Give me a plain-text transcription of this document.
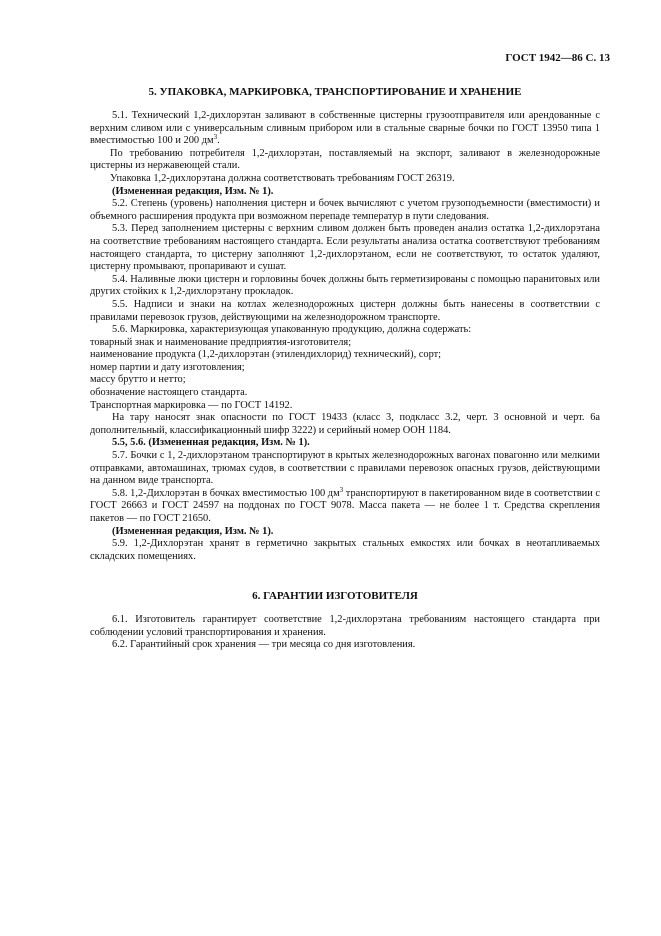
ГОСТ 1942—86 С. 13
5. УПАКОВКА, МАРКИРОВКА, ТРАНСПОРТИРОВАНИЕ И ХРАНЕНИЕ

5.1. Технический 1,2-дихлорэтан заливают в собственные цистерны грузоотправителя или арендованные с верхним сливом или с универсальным сливным прибором или в стальные сварные бочки по ГОСТ 13950 типа 1 вместимостью 100 и 200 $дм^3$.

По требованию потребителя 1,2-дихлорэтан, поставляемый на экспорт, заливают в железнодорожные цистерны из нержавеющей стали.

Упаковка 1,2-дихлорэтана должна соответствовать требованиям ГОСТ 26319.

(Измененная редакция, Изм. № 1).

5.2. Степень (уровень) наполнения цистерн и бочек вычисляют с учетом грузоподъемности (вместимости) и объемного расширения продукта при возможном перепаде температур в пути следования.

5.3. Перед заполнением цистерны с верхним сливом должен быть проведен анализ остатка 1,2-дихлорэтана на соответствие требованиям настоящего стандарта. Если результаты анализа остатка соответствуют требованиям настоящего стандарта, то цистерну заполняют 1,2-дихлорэтаном, если не соответствуют, то остаток удаляют, цистерну промывают, пропаривают и сушат.

5.4. Наливные люки цистерн и горловины бочек должны быть герметизированы с помощью паранитовых или других стойких к 1,2-дихлорэтану прокладок.

5.5. Надписи и знаки на котлах железнодорожных цистерн должны быть нанесены в соответствии с правилами перевозок грузов, действующими на железнодорожном транспорте.

5.6. Маркировка, характеризующая упакованную продукцию, должна содержать:

товарный знак и наименование предприятия-изготовителя;

наименование продукта (1,2-дихлорэтан (этилендихлорид) технический), сорт;

номер партии и дату изготовления;

массу брутто и нетто;

обозначение настоящего стандарта.

Транспортная маркировка — по ГОСТ 14192.

На тару наносят знак опасности по ГОСТ 19433 (класс 3, подкласс 3.2, черт. 3 основной и черт. 6а дополнительный, классификационный шифр 3222) и серийный номер ООН 1184.

5.5, 5.6. (Измененная редакция, Изм. № 1).

5.7. Бочки с 1, 2-дихлорэтаном транспортируют в крытых железнодорожных вагонах повагонно или мелкими отправками, автомашинах, трюмах судов, в соответствии с правилами перевозок опасных грузов, действующими на данном виде транспорта.

5.8. 1,2-Дихлорэтан в бочках вместимостью 100 $дм^3$ транспортируют в пакетированном виде в соответствии с ГОСТ 26663 и ГОСТ 24597 на поддонах по ГОСТ 9078. Масса пакета — не более 1 т. Средства скрепления пакетов — по ГОСТ 21650.

(Измененная редакция, Изм. № 1).

5.9. 1,2-Дихлорэтан хранят в герметично закрытых стальных емкостях или бочках в неотапливаемых складских помещениях.

6. ГАРАНТИИ ИЗГОТОВИТЕЛЯ

6.1. Изготовитель гарантирует соответствие 1,2-дихлорэтана требованиям настоящего стандарта при соблюдении условий транспортирования и хранения.

6.2. Гарантийный срок хранения — три месяца со дня изготовления.
